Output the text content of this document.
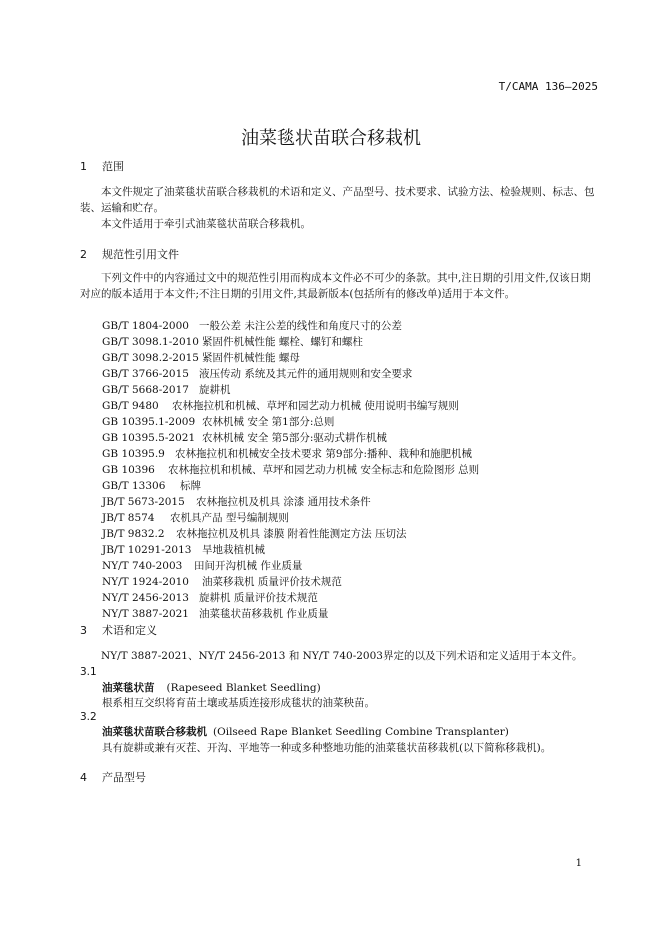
T/CAMA 136—2025
油菜毯状苗联合移栽机
1 范围
本文件规定了油菜毯状苗联合移栽机的术语和定义、产品型号、技术要求、试验方法、检验规则、标志、包装、运输和贮存。
本文件适用于牵引式油菜毯状苗联合移栽机。
2 规范性引用文件
下列文件中的内容通过文中的规范性引用而构成本文件必不可少的条款。其中,注日期的引用文件,仅该日期对应的版本适用于本文件;不注日期的引用文件,其最新版本(包括所有的修改单)适用于本文件。
GB/T 1804-2000 一般公差 未注公差的线性和角度尺寸的公差
GB/T 3098.1-2010 紧固件机械性能 螺栓、螺钉和螺柱
GB/T 3098.2-2015 紧固件机械性能 螺母
GB/T 3766-2015 液压传动 系统及其元件的通用规则和安全要求
GB/T 5668-2017 旋耕机
GB/T 9480 农林拖拉机和机械、草坪和园艺动力机械 使用说明书编写规则
GB 10395.1-2009 农林机械 安全 第1部分:总则
GB 10395.5-2021 农林机械 安全 第5部分:驱动式耕作机械
GB 10395.9 农林拖拉机和机械安全技术要求 第9部分:播种、栽种和施肥机械
GB 10396 农林拖拉机和机械、草坪和园艺动力机械 安全标志和危险图形 总则
GB/T 13306 标牌
JB/T 5673-2015 农林拖拉机及机具 涂漆 通用技术条件
JB/T 8574 农机具产品 型号编制规则
JB/T 9832.2 农林拖拉机及机具 漆膜 附着性能测定方法 压切法
JB/T 10291-2013 旱地栽植机械
NY/T 740-2003 田间开沟机械 作业质量
NY/T 1924-2010 油菜移栽机 质量评价技术规范
NY/T 2456-2013 旋耕机 质量评价技术规范
NY/T 3887-2021 油菜毯状苗移栽机 作业质量
3 术语和定义
NY/T 3887-2021、NY/T 2456-2013 和 NY/T 740-2003界定的以及下列术语和定义适用于本文件。
3.1
油菜毯状苗 (Rapeseed Blanket Seedling)
根系相互交织将育苗土壤或基质连接形成毯状的油菜秧苗。
3.2
油菜毯状苗联合移栽机 (Oilseed Rape Blanket Seedling Combine Transplanter)
具有旋耕或兼有灭茬、开沟、平地等一种或多种整地功能的油菜毯状苗移栽机(以下简称移栽机)。
4 产品型号
1
